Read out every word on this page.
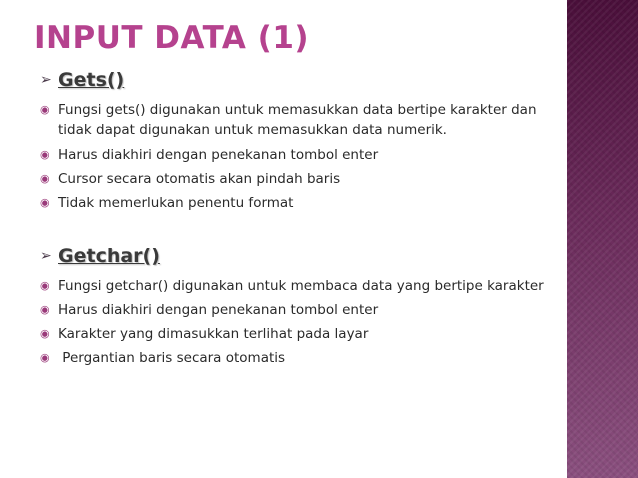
INPUT DATA (1)
➢ Gets()
◉ Fungsi gets() digunakan untuk memasukkan data bertipe karakter dan tidak dapat digunakan untuk memasukkan data numerik.
◉ Harus diakhiri dengan penekanan tombol enter
◉ Cursor secara otomatis akan pindah baris
◉ Tidak memerlukan penentu format
➢ Getchar()
◉ Fungsi getchar() digunakan untuk membaca data yang bertipe karakter
◉ Harus diakhiri dengan penekanan tombol enter
◉ Karakter yang dimasukkan terlihat pada layar
◉ Pergantian baris secara otomatis
